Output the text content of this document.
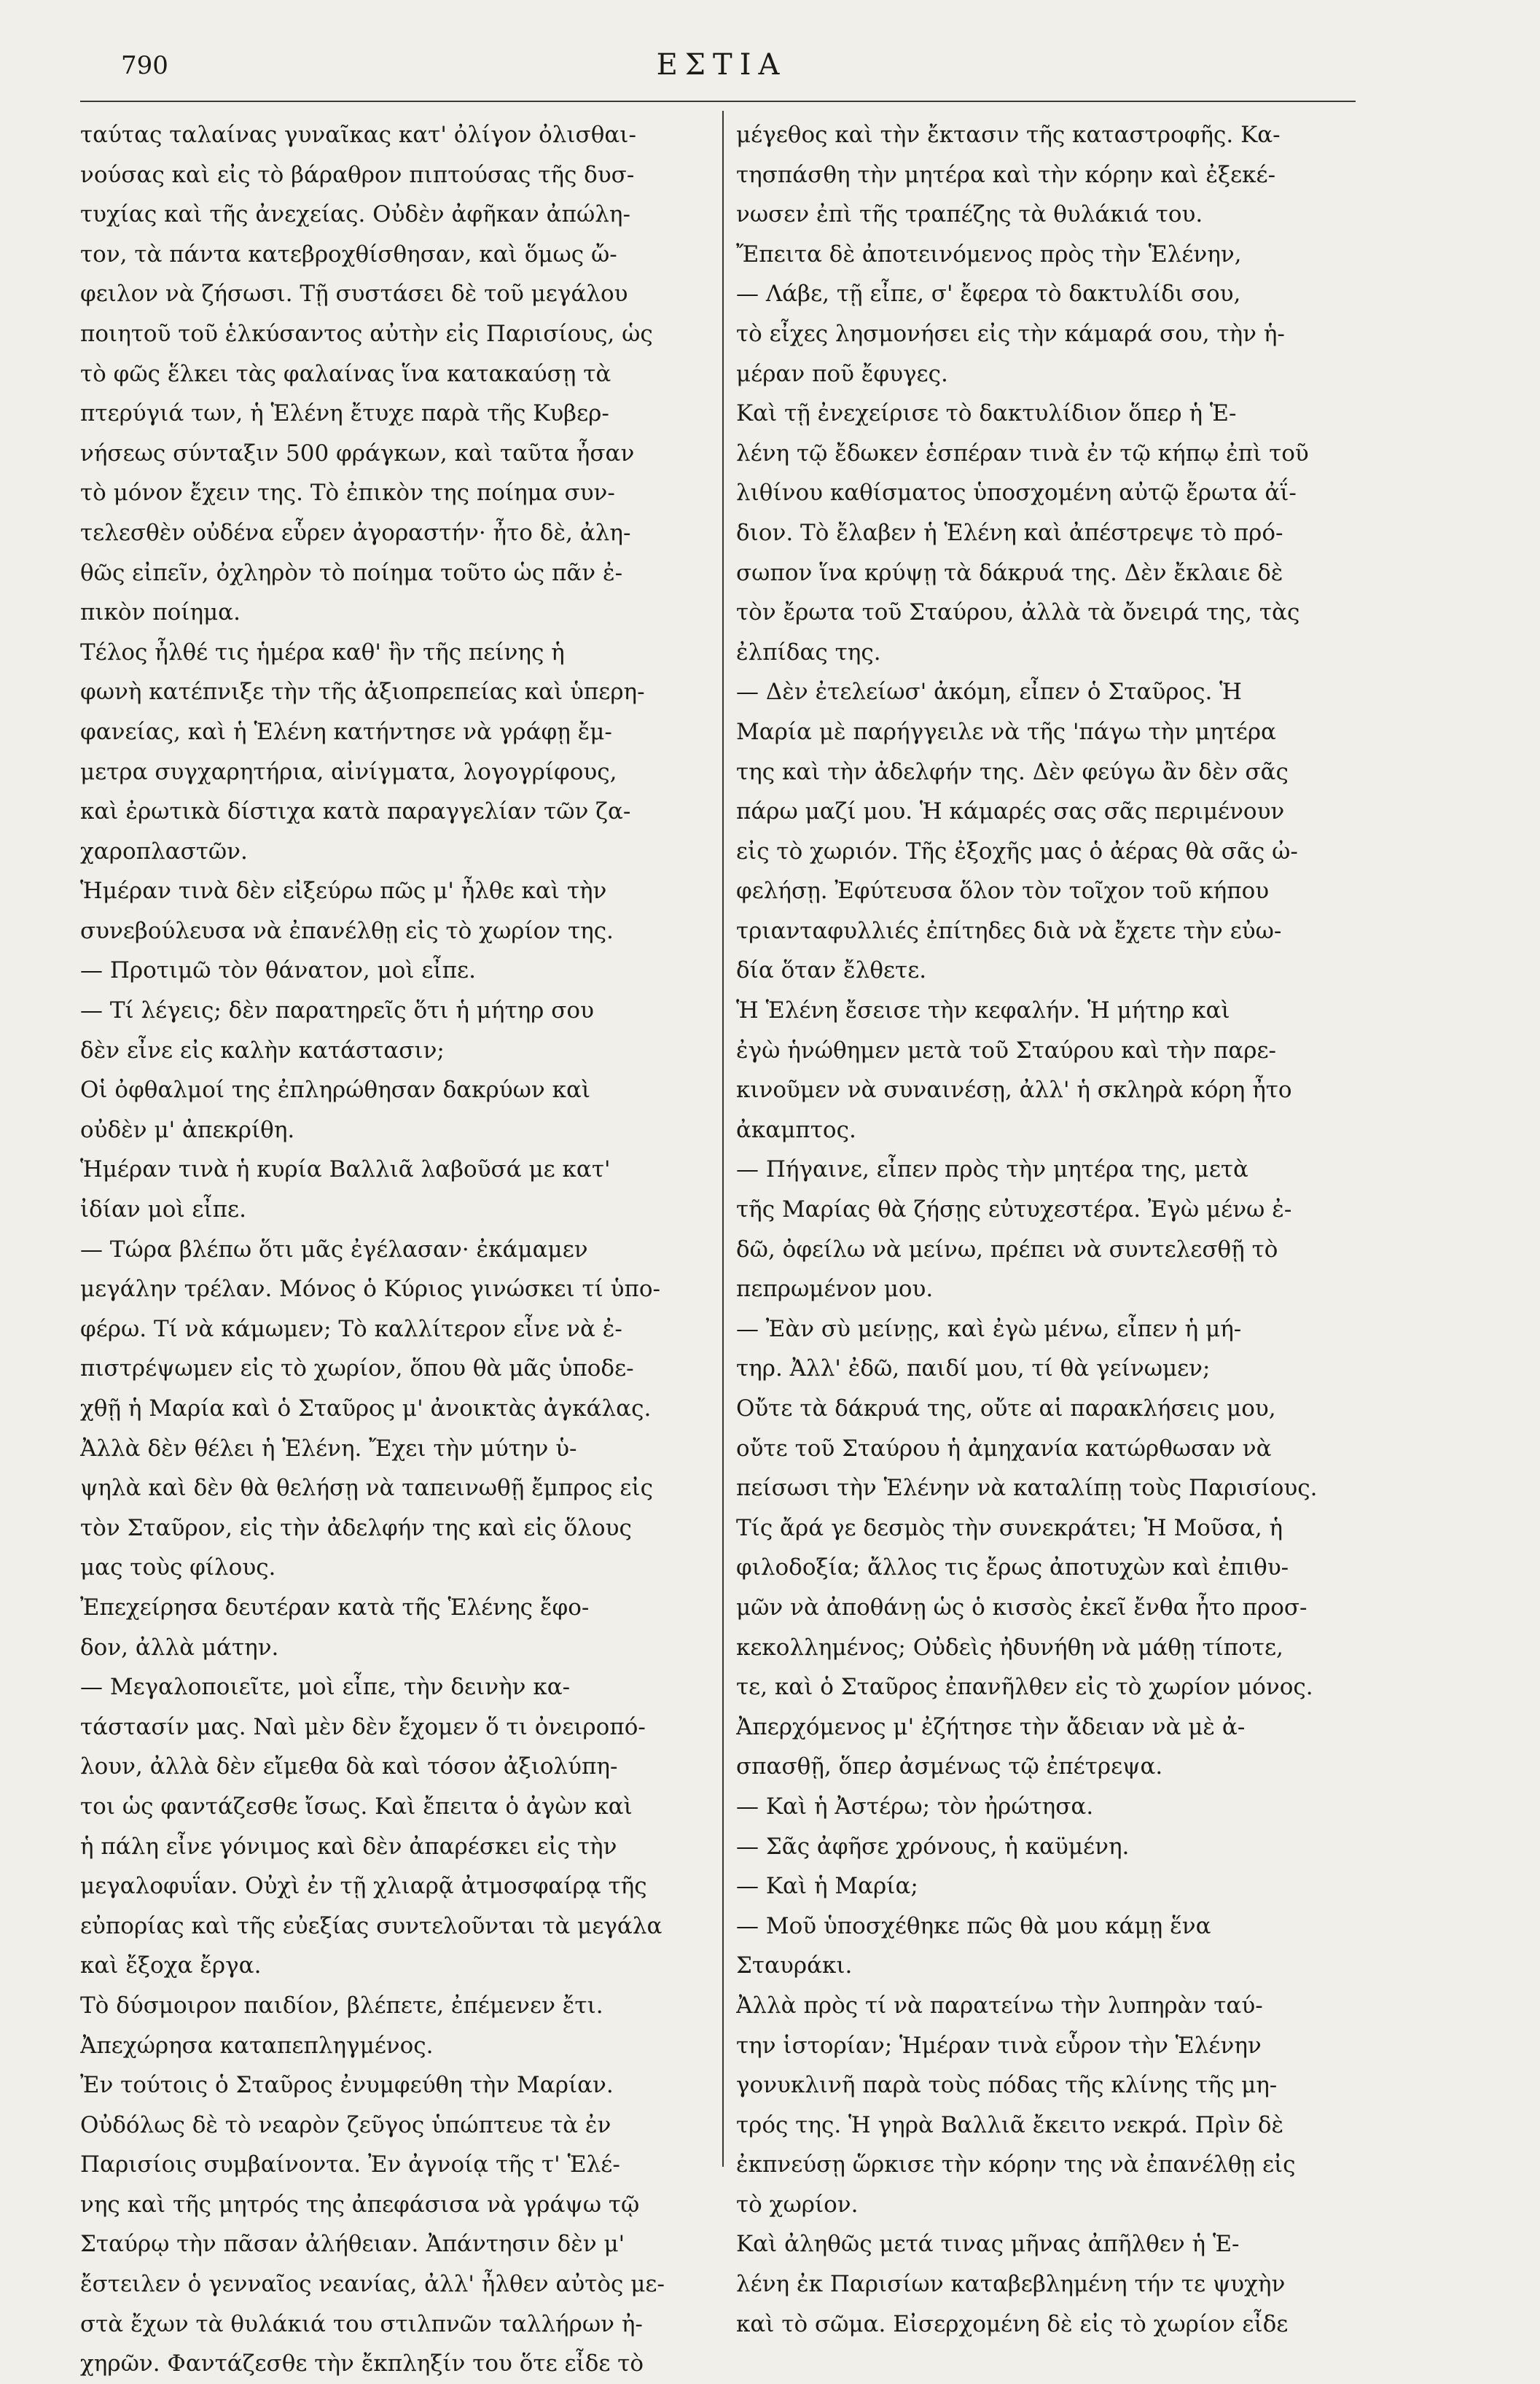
790	ΕΣΤΙΑ
ταύτας ταλαίνας γυναῖκας κατ' ὀλίγον ὀλισθαι-
νούσας καὶ εἰς τὸ βάραθρον πιπτούσας τῆς δυσ-
τυχίας καὶ τῆς ἀνεχείας. Οὐδὲν ἀφῆκαν ἀπώλη-
τον, τὰ πάντα κατεβροχθίσθησαν, καὶ ὅμως ὤ-
φειλον νὰ ζήσωσι. Τῇ συστάσει δὲ τοῦ μεγάλου
ποιητοῦ τοῦ ἑλκύσαντος αὐτὴν εἰς Παρισίους, ὡς
τὸ φῶς ἕλκει τὰς φαλαίνας ἵνα κατακαύσῃ τὰ
πτερύγιά των, ἡ Ἑλένη ἔτυχε παρὰ τῆς Κυβερ-
νήσεως σύνταξιν 500 φράγκων, καὶ ταῦτα ἦσαν
τὸ μόνον ἔχειν της. Τὸ ἐπικὸν της ποίημα συν-
τελεσθὲν οὐδένα εὗρεν ἀγοραστήν· ἦτο δὲ, ἀλη-
θῶς εἰπεῖν, ὀχληρὸν τὸ ποίημα τοῦτο ὡς πᾶν ἐ-
πικὸν ποίημα.
Τέλος ἦλθέ τις ἡμέρα καθ' ἣν τῆς πείνης ἡ
φωνὴ κατέπνιξε τὴν τῆς ἀξιοπρεπείας καὶ ὑπερη-
φανείας, καὶ ἡ Ἑλένη κατήντησε νὰ γράφῃ ἔμ-
μετρα συγχαρητήρια, αἰνίγματα, λογογρίφους,
καὶ ἐρωτικὰ δίστιχα κατὰ παραγγελίαν τῶν ζα-
χαροπλαστῶν.
Ἡμέραν τινὰ δὲν εἰξεύρω πῶς μ' ἦλθε καὶ τὴν
συνεβούλευσα νὰ ἐπανέλθῃ εἰς τὸ χωρίον της.
— Προτιμῶ τὸν θάνατον, μοὶ εἶπε.
— Τί λέγεις; δὲν παρατηρεῖς ὅτι ἡ μήτηρ σου
δὲν εἶνε εἰς καλὴν κατάστασιν;
Οἱ ὀφθαλμοί της ἐπληρώθησαν δακρύων καὶ
οὐδὲν μ' ἀπεκρίθη.
Ἡμέραν τινὰ ἡ κυρία Βαλλιᾶ λαβοῦσά με κατ'
ἰδίαν μοὶ εἶπε.
— Τώρα βλέπω ὅτι μᾶς ἐγέλασαν· ἐκάμαμεν
μεγάλην τρέλαν. Μόνος ὁ Κύριος γινώσκει τί ὑπο-
φέρω. Τί νὰ κάμωμεν; Τὸ καλλίτερον εἶνε νὰ ἐ-
πιστρέψωμεν εἰς τὸ χωρίον, ὅπου θὰ μᾶς ὑποδε-
χθῇ ἡ Μαρία καὶ ὁ Σταῦρος μ' ἀνοικτὰς ἀγκάλας.
Ἀλλὰ δὲν θέλει ἡ Ἑλένη. Ἔχει τὴν μύτην ὑ-
ψηλὰ καὶ δὲν θὰ θελήσῃ νὰ ταπεινωθῇ ἔμπρος εἰς
τὸν Σταῦρον, εἰς τὴν ἀδελφήν της καὶ εἰς ὅλους
μας τοὺς φίλους.
Ἐπεχείρησα δευτέραν κατὰ τῆς Ἑλένης ἔφο-
δον, ἀλλὰ μάτην.
— Μεγαλοποιεῖτε, μοὶ εἶπε, τὴν δεινὴν κα-
τάστασίν μας. Ναὶ μὲν δὲν ἔχομεν ὅ τι ὀνειροπό-
λουν, ἀλλὰ δὲν εἴμεθα δὰ καὶ τόσον ἀξιολύπη-
τοι ὡς φαντάζεσθε ἴσως. Καὶ ἔπειτα ὁ ἀγὼν καὶ
ἡ πάλη εἶνε γόνιμος καὶ δὲν ἀπαρέσκει εἰς τὴν
μεγαλοφυΐαν. Οὐχὶ ἐν τῇ χλιαρᾷ ἀτμοσφαίρᾳ τῆς
εὐπορίας καὶ τῆς εὐεξίας συντελοῦνται τὰ μεγάλα
καὶ ἔξοχα ἔργα.
Τὸ δύσμοιρον παιδίον, βλέπετε, ἐπέμενεν ἔτι.
Ἀπεχώρησα καταπεπληγμένος.
Ἐν τούτοις ὁ Σταῦρος ἐνυμφεύθη τὴν Μαρίαν.
Οὐδόλως δὲ τὸ νεαρὸν ζεῦγος ὑπώπτευε τὰ ἐν
Παρισίοις συμβαίνοντα. Ἐν ἀγνοίᾳ τῆς τ' Ἑλέ-
νης καὶ τῆς μητρός της ἀπεφάσισα νὰ γράψω τῷ
Σταύρῳ τὴν πᾶσαν ἀλήθειαν. Ἀπάντησιν δὲν μ'
ἔστειλεν ὁ γενναῖος νεανίας, ἀλλ' ἦλθεν αὐτὸς με-
στὰ ἔχων τὰ θυλάκιά του στιλπνῶν ταλλήρων ἠ-
χηρῶν. Φαντάζεσθε τὴν ἔκπληξίν του ὅτε εἶδε τὸ
μέγεθος καὶ τὴν ἔκτασιν τῆς καταστροφῆς. Κα-
τησπάσθη τὴν μητέρα καὶ τὴν κόρην καὶ ἐξεκέ-
νωσεν ἐπὶ τῆς τραπέζης τὰ θυλάκιά του.
Ἔπειτα δὲ ἀποτεινόμενος πρὸς τὴν Ἑλένην,
— Λάβε, τῇ εἶπε, σ' ἔφερα τὸ δακτυλίδι σου,
τὸ εἶχες λησμονήσει εἰς τὴν κάμαρά σου, τὴν ἡ-
μέραν ποῦ ἔφυγες.
Καὶ τῇ ἐνεχείρισε τὸ δακτυλίδιον ὅπερ ἡ Ἑ-
λένη τῷ ἔδωκεν ἑσπέραν τινὰ ἐν τῷ κήπῳ ἐπὶ τοῦ
λιθίνου καθίσματος ὑποσχομένη αὐτῷ ἔρωτα ἀΐ-
διον. Τὸ ἔλαβεν ἡ Ἑλένη καὶ ἀπέστρεψε τὸ πρό-
σωπον ἵνα κρύψῃ τὰ δάκρυά της. Δὲν ἔκλαιε δὲ
τὸν ἔρωτα τοῦ Σταύρου, ἀλλὰ τὰ ὄνειρά της, τὰς
ἐλπίδας της.
— Δὲν ἐτελείωσ' ἀκόμη, εἶπεν ὁ Σταῦρος. Ἡ
Μαρία μὲ παρήγγειλε νὰ τῆς 'πάγω τὴν μητέρα
της καὶ τὴν ἀδελφήν της. Δὲν φεύγω ἂν δὲν σᾶς
πάρω μαζί μου. Ἡ κάμαρές σας σᾶς περιμένουν
εἰς τὸ χωριόν. Τῆς ἐξοχῆς μας ὁ ἀέρας θὰ σᾶς ὠ-
φελήσῃ. Ἐφύτευσα ὅλον τὸν τοῖχον τοῦ κήπου
τριανταφυλλιές ἐπίτηδες διὰ νὰ ἔχετε τὴν εὐω-
δία ὅταν ἔλθετε.
Ἡ Ἑλένη ἔσεισε τὴν κεφαλήν. Ἡ μήτηρ καὶ
ἐγὼ ἡνώθημεν μετὰ τοῦ Σταύρου καὶ τὴν παρε-
κινοῦμεν νὰ συναινέσῃ, ἀλλ' ἡ σκληρὰ κόρη ἦτο
ἀκαμπτος.
— Πήγαινε, εἶπεν πρὸς τὴν μητέρα της, μετὰ
τῆς Μαρίας θὰ ζήσῃς εὐτυχεστέρα. Ἐγὼ μένω ἐ-
δῶ, ὀφείλω νὰ μείνω, πρέπει νὰ συντελεσθῇ τὸ
πεπρωμένον μου.
— Ἐὰν σὺ μείνῃς, καὶ ἐγὼ μένω, εἶπεν ἡ μή-
τηρ. Ἀλλ' ἐδῶ, παιδί μου, τί θὰ γείνωμεν;
Οὔτε τὰ δάκρυά της, οὔτε αἱ παρακλήσεις μου,
οὔτε τοῦ Σταύρου ἡ ἀμηχανία κατώρθωσαν νὰ
πείσωσι τὴν Ἑλένην νὰ καταλίπῃ τοὺς Παρισίους.
Τίς ἄρά γε δεσμὸς τὴν συνεκράτει; Ἡ Μοῦσα, ἡ
φιλοδοξία; ἄλλος τις ἔρως ἀποτυχὼν καὶ ἐπιθυ-
μῶν νὰ ἀποθάνῃ ὡς ὁ κισσὸς ἐκεῖ ἔνθα ἦτο προσ-
κεκολλημένος; Οὐδεὶς ἠδυνήθη νὰ μάθῃ τίποτε,
τε, καὶ ὁ Σταῦρος ἐπανῆλθεν εἰς τὸ χωρίον μόνος.
Ἀπερχόμενος μ' ἐζήτησε τὴν ἄδειαν νὰ μὲ ἀ-
σπασθῇ, ὅπερ ἀσμένως τῷ ἐπέτρεψα.
— Καὶ ἡ Ἀστέρω; τὸν ἠρώτησα.
— Σᾶς ἀφῆσε χρόνους, ἡ καϋμένη.
— Καὶ ἡ Μαρία;
— Μοῦ ὑποσχέθηκε πῶς θὰ μου κάμῃ ἕνα
Σταυράκι.
Ἀλλὰ πρὸς τί νὰ παρατείνω τὴν λυπηρὰν ταύ-
την ἱστορίαν; Ἡμέραν τινὰ εὗρον τὴν Ἑλένην
γονυκλινῆ παρὰ τοὺς πόδας τῆς κλίνης τῆς μη-
τρός της. Ἡ γηρὰ Βαλλιᾶ ἔκειτο νεκρά. Πρὶν δὲ
ἐκπνεύσῃ ὥρκισε τὴν κόρην της νὰ ἐπανέλθῃ εἰς
τὸ χωρίον.
Καὶ ἀληθῶς μετά τινας μῆνας ἀπῆλθεν ἡ Ἑ-
λένη ἐκ Παρισίων καταβεβλημένη τήν τε ψυχὴν
καὶ τὸ σῶμα. Εἰσερχομένη δὲ εἰς τὸ χωρίον εἶδε
